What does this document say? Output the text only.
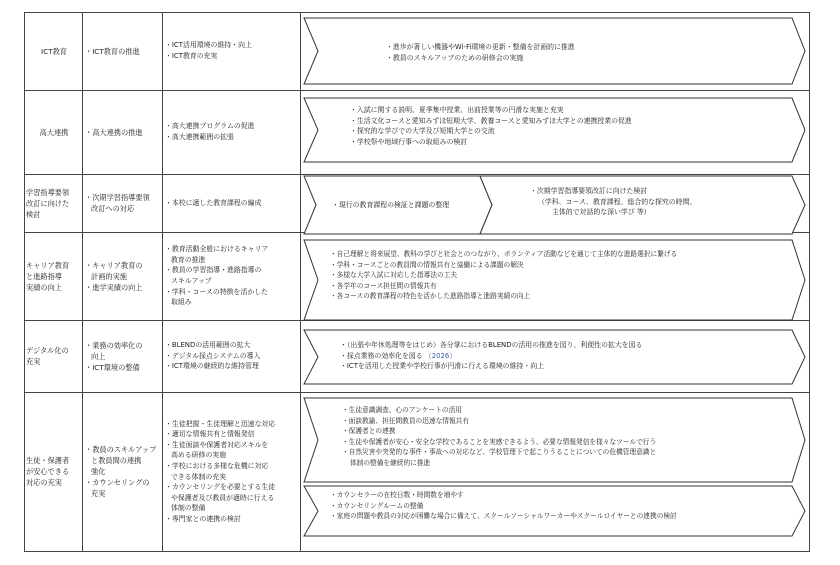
ICT教育	・ICT教育の推進
・ICT活用環境の維持・向上
・ICT教育の充実
高大連携	・高大連携の推進
・高大連携プログラムの促進
・高大連携範囲の拡張
学習指導要領
改訂に向けた
検討
・次期学習指導要領
改訂への対応
・本校に適した教育課程の編成
キャリア教育
と進路指導
実績の向上
・キャリア教育の
計画的実施
・進学実績の向上
・教育活動全般におけるキャリア
教育の推進
・教員の学習指導・進路指導の
スキルアップ
・学科・コースの特徴を活かした
取組み
デジタル化の
充実
・業務の効率化の
向上
・ICT環境の整備
・BLENDの活用範囲の拡大
・デジタル採点システムの導入
・ICT環境の継続的な維持管理
生徒・保護者
が安心できる
対応の充実
・教員のスキルアップ
と教員間の連携
強化
・カウンセリングの
充実
・生徒把握・生徒理解と迅速な対応
・適切な情報共有と情報発信
・生徒面談や保護者対応スキルを
高める研修の実施
・学校における多様な危機に対応
できる体制の充実
・カウンセリングを必要とする生徒
や保護者及び教員が適時に行える
体制の整備
・専門家との連携の検討
・進歩が著しい機器やWi-Fi環境の更新・整備を計画的に推進
・教員のスキルアップのための研修会の実施
・入試に関する説明、夏季集中授業、出前授業等の円滑な実施と充実
・生活文化コースと愛知みずほ短期大学、教養コースと愛知みずほ大学との連携授業の促進
・探究的な学びでの大学及び短期大学との交流
・学校祭や地域行事への取組みの検討
・現行の教育課程の検証と課題の整理
・次期学習指導要領改訂に向けた検討
（学科、コース、教育課程、総合的な探究の時間、
主体的で対話的な深い学び 等）
・自己理解と将来展望、教科の学びと社会とのつながり、ボランティア活動などを通じて主体的な進路選択に繋げる
・学科・コースごとの教員間の情報共有と協働による課題の解決
・多様な大学入試に対応した指導法の工夫
・各学年のコース担任間の情報共有
・各コースの教育課程の特色を活かした進路指導と進路実績の向上
・（出張や年休処理等をはじめ）各分掌におけるBLENDの活用の推進を図り、利便性の拡大を図る
・採点業務の効率化を図る （2026）
・ICTを活用した授業や学校行事が円滑に行える環境の維持・向上
・生徒意識調査、心のアンケートの活用
・面談教諭、担任間教員の迅速な情報共有
・保護者との連携
・生徒や保護者が安心・安全な学校であることを実感できるよう、必要な情報発信を様々なツールで行う
・自然災害や突発的な事件・事故への対応など、学校管理下で起こりうることについての危機管理意識と
体制の整備を継続的に推進
・カウンセラーの在校日数・時間数を増やす
・カウンセリングルームの整備
・家庭の問題や教員の対応が困難な場合に備えて、スクールソーシャルワーカーやスクールロイヤーとの連携の検討
